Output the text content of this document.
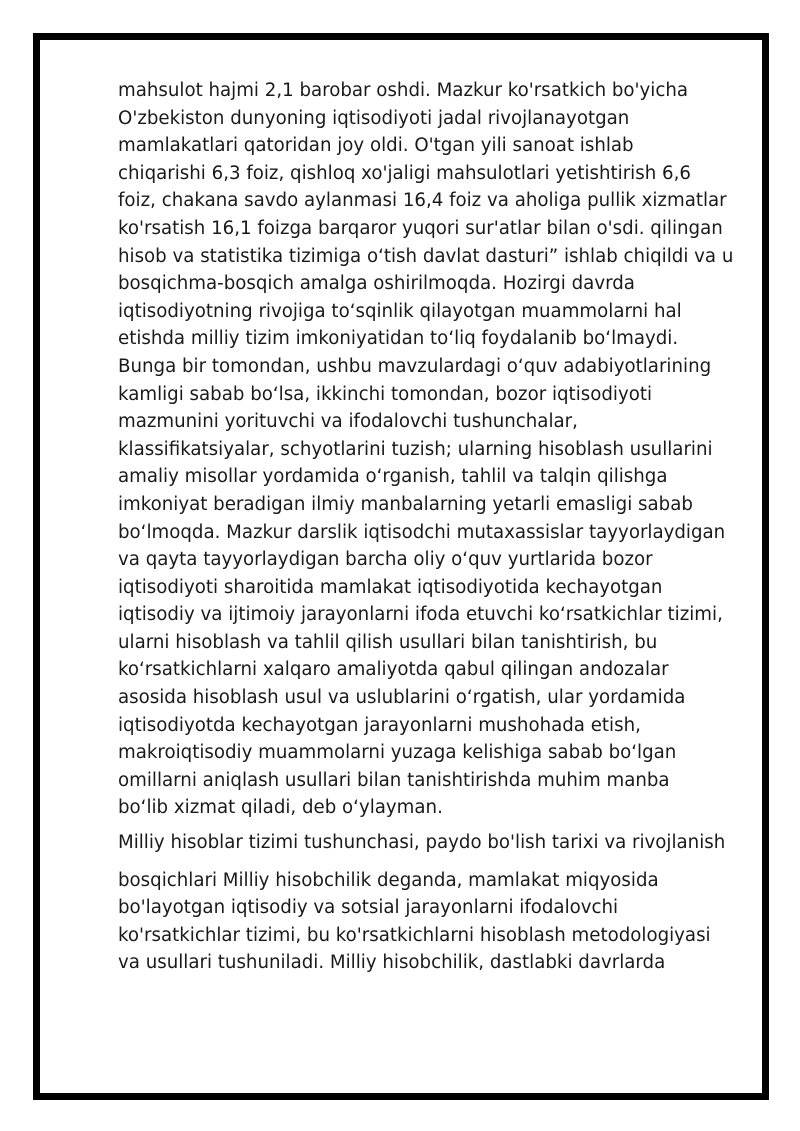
mahsulot hajmi 2,1 barobar oshdi. Mazkur ko'rsatkich bo'yicha
O'zbekiston dunyoning iqtisodiyoti jadal rivojlanayotgan
mamlakatlari qatoridan joy oldi. O'tgan yili sanoat ishlab
chiqarishi 6,3 foiz, qishloq xo'jaligi mahsulotlari yetishtirish 6,6
foiz, chakana savdo aylanmasi 16,4 foiz va aholiga pullik xizmatlar
ko'rsatish 16,1 foizga barqaror yuqori sur'atlar bilan o'sdi. qilingan
hisob va statistika tizimiga o‘tish davlat dasturi” ishlab chiqildi va u
bosqichma-bosqich amalga oshirilmoqda. Hozirgi davrda
iqtisodiyotning rivojiga to‘sqinlik qilayotgan muammolarni hal
etishda milliy tizim imkoniyatidan to‘liq foydalanib bo‘lmaydi.
Bunga bir tomondan, ushbu mavzulardagi o‘quv adabiyotlarining
kamligi sabab bo‘lsa, ikkinchi tomondan, bozor iqtisodiyoti
mazmunini yorituvchi va ifodalovchi tushunchalar,
klassifikatsiyalar, schyotlarini tuzish; ularning hisoblash usullarini
amaliy misollar yordamida o‘rganish, tahlil va talqin qilishga
imkoniyat beradigan ilmiy manbalarning yetarli emasligi sabab
bo‘lmoqda. Mazkur darslik iqtisodchi mutaxassislar tayyorlaydigan
va qayta tayyorlaydigan barcha oliy o‘quv yurtlarida bozor
iqtisodiyoti sharoitida mamlakat iqtisodiyotida kechayotgan
iqtisodiy va ijtimoiy jarayonlarni ifoda etuvchi ko‘rsatkichlar tizimi,
ularni hisoblash va tahlil qilish usullari bilan tanishtirish, bu
ko‘rsatkichlarni xalqaro amaliyotda qabul qilingan andozalar
asosida hisoblash usul va uslublarini o‘rgatish, ular yordamida
iqtisodiyotda kechayotgan jarayonlarni mushohada etish,
makroiqtisodiy muammolarni yuzaga kelishiga sabab bo‘lgan
omillarni aniqlash usullari bilan tanishtirishda muhim manba
bo‘lib xizmat qiladi, deb o‘ylayman.
Milliy hisoblar tizimi tushunchasi, paydo bo'lish tarixi va rivojlanish
bosqichlari Milliy hisobchilik deganda, mamlakat miqyosida
bo'layotgan iqtisodiy va sotsial jarayonlarni ifodalovchi
ko'rsatkichlar tizimi, bu ko'rsatkichlarni hisoblash metodologiyasi
va usullari tushuniladi. Milliy hisobchilik, dastlabki davrlarda
